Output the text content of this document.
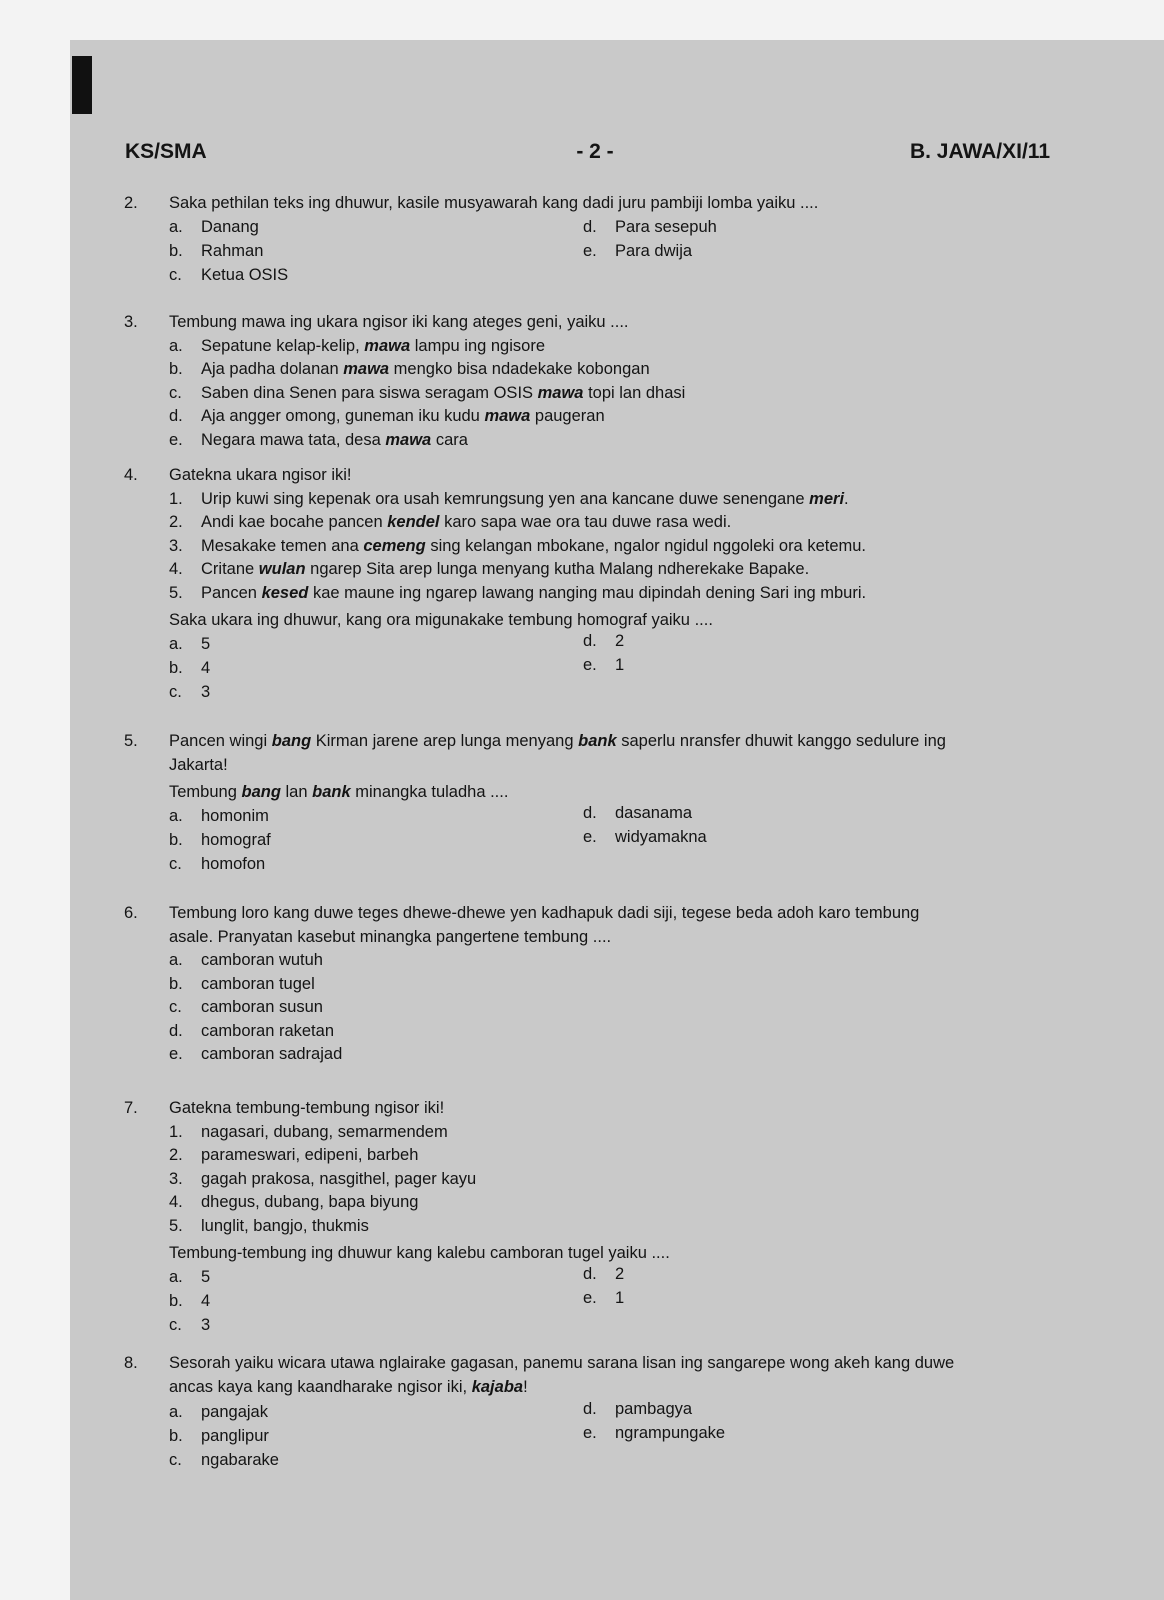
KS/SMA	- 2 -	B. JAWA/XI/11
2.	Saka pethilan teks ing dhuwur, kasile musyawarah kang dadi juru pambiji lomba yaiku ....
a. Danang
b. Rahman
c. Ketua OSIS
d. Para sesepuh
e. Para dwija
3.	Tembung mawa ing ukara ngisor iki kang ateges geni, yaiku ....
a. Sepatune kelap-kelip, mawa lampu ing ngisore
b. Aja padha dolanan mawa mengko bisa ndadekake kobongan
c. Saben dina Senen para siswa seragam OSIS mawa topi lan dhasi
d. Aja angger omong, guneman iku kudu mawa paugeran
e. Negara mawa tata, desa mawa cara
4.	Gatekna ukara ngisor iki!
1. Urip kuwi sing kepenak ora usah kemrungsung yen ana kancane duwe senengane meri.
2. Andi kae bocahe pancen kendel karo sapa wae ora tau duwe rasa wedi.
3. Mesakake temen ana cemeng sing kelangan mbokane, ngalor ngidul nggoleki ora ketemu.
4. Critane wulan ngarep Sita arep lunga menyang kutha Malang ndherekake Bapake.
5. Pancen kesed kae maune ing ngarep lawang nanging mau dipindah dening Sari ing mburi.
Saka ukara ing dhuwur, kang ora migunakake tembung homograf yaiku ....
a. 5
b. 4
c. 3
d. 2
e. 1
5.	Pancen wingi bang Kirman jarene arep lunga menyang bank saperlu nransfer dhuwit kanggo sedulure ing
Jakarta!
Tembung bang lan bank minangka tuladha ....
a. homonim
b. homograf
c. homofon
d. dasanama
e. widyamakna
6.	Tembung loro kang duwe teges dhewe-dhewe yen kadhapuk dadi siji, tegese beda adoh karo tembung
asale. Pranyatan kasebut minangka pangertene tembung ....
a. camboran wutuh
b. camboran tugel
c. camboran susun
d. camboran raketan
e. camboran sadrajad
7.	Gatekna tembung-tembung ngisor iki!
1. nagasari, dubang, semarmendem
2. parameswari, edipeni, barbeh
3. gagah prakosa, nasgithel, pager kayu
4. dhegus, dubang, bapa biyung
5. lunglit, bangjo, thukmis
Tembung-tembung ing dhuwur kang kalebu camboran tugel yaiku ....
a. 5
b. 4
c. 3
d. 2
e. 1
8.	Sesorah yaiku wicara utawa nglairake gagasan, panemu sarana lisan ing sangarepe wong akeh kang duwe
ancas kaya kang kaandharake ngisor iki, kajaba!
a. pangajak
b. panglipur
c. ngabarake
d. pambagya
e. ngrampungake
